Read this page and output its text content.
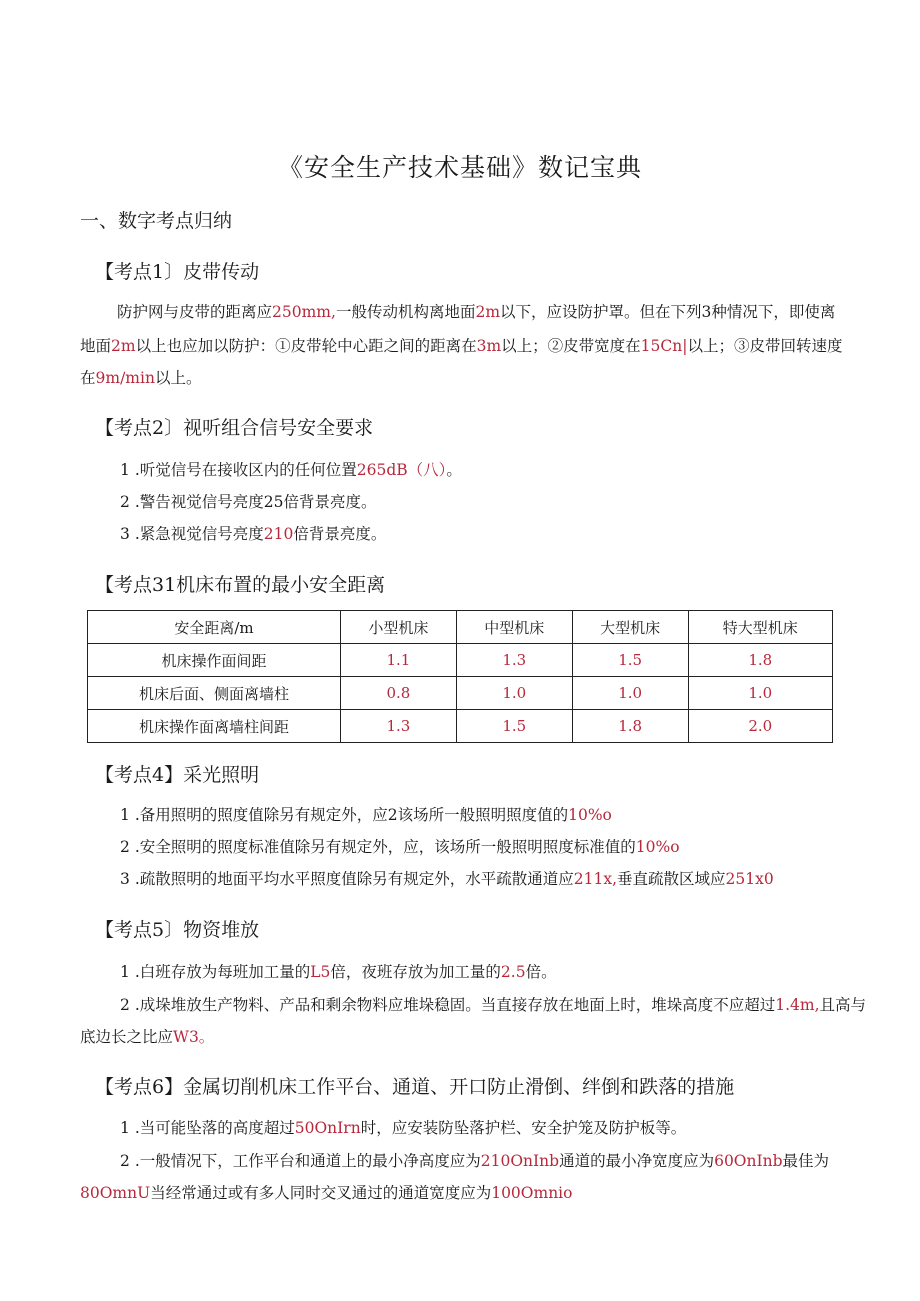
《安全生产技术基础》数记宝典
一、数字考点归纳
【考点1〕皮带传动
防护网与皮带的距离应250mm,一般传动机构离地面2m以下，应设防护罩。但在下列3种情况下，即使离
地面2m以上也应加以防护：①皮带轮中心距之间的距离在3m以上；②皮带宽度在15Cn|以上；③皮带回转速度
在9m∕min以上。
【考点2〕视听组合信号安全要求
1 .听觉信号在接收区内的任何位置265dB（八）。
2 .警告视觉信号亮度25倍背景亮度。
3 .紧急视觉信号亮度210倍背景亮度。
【考点31机床布置的最小安全距离
安全距离/m	小型机床	中型机床	大型机床	特大型机床
机床操作面间距	1.1	1.3	1.5	1.8
机床后面、侧面离墙柱	0.8	1.0	1.0	1.0
机床操作面离墙柱间距	1.3	1.5	1.8	2.0
【考点4】采光照明
1 .备用照明的照度值除另有规定外，应2该场所一般照明照度值的10%o
2 .安全照明的照度标准值除另有规定外，应，该场所一般照明照度标准值的10%o
3 .疏散照明的地面平均水平照度值除另有规定外，水平疏散通道应211x,垂直疏散区域应251x0
【考点5〕物资堆放
1 .白班存放为每班加工量的L5倍，夜班存放为加工量的2.5倍。
2 .成垛堆放生产物料、产品和剩余物料应堆垛稳固。当直接存放在地面上时，堆垛高度不应超过1.4m,且高与
底边长之比应W3。
【考点6】金属切削机床工作平台、通道、开口防止滑倒、绊倒和跌落的措施
1 .当可能坠落的高度超过50OnIrn时，应安装防坠落护栏、安全护笼及防护板等。
2 .一般情况下，工作平台和通道上的最小净高度应为210OnInb通道的最小净宽度应为60OnInb最佳为
80OmnU当经常通过或有多人同时交叉通过的通道宽度应为100Omnio
